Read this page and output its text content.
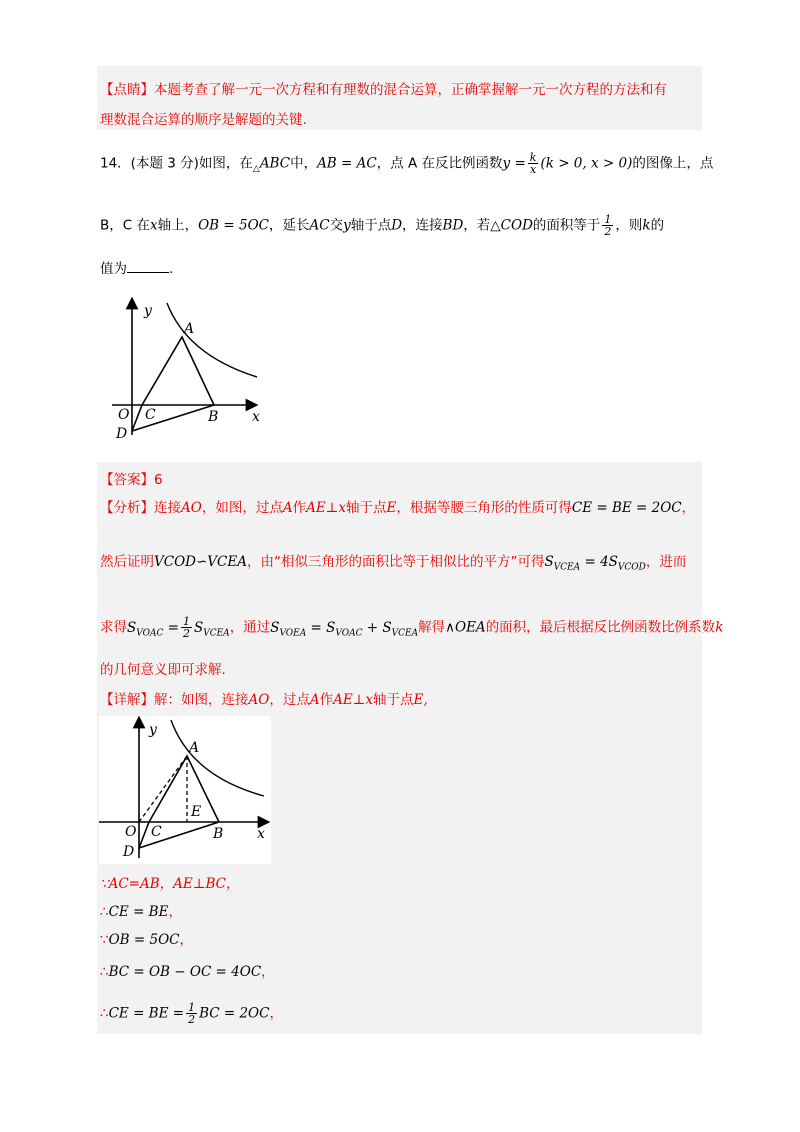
【点睛】本题考查了解一元一次方程和有理数的混合运算，正确掌握解一元一次方程的方法和有
理数混合运算的顺序是解题的关键.
14．(本题 3 分)如图，在$_\triangle$ABC中，AB = AC，点 A 在反比例函数$y = \frac{k}{x} (k > 0$, x > 0)的图像上，点
B，C 在x轴上，OB = 5OC，延长AC交y轴于点D，连接BD，若△COD的面积等于 $\frac{1}{2}$ ，则k的
值为	.
y
A
O C	B x
D
【答案】6
【分析】连接AO，如图，过点A作AE⊥x轴于点E，根据等腰三角形的性质可得CE = BE = 2OC，
然后证明VCOD∽VCEA，由“相似三角形的面积比等于相似比的平方”可得$S_{VCEA} = 4S_{VCOD}$，进而
求得$S_{VOAC} = \frac{1}{2} S_{VCEA}$，通过$S_{VOEA} = S_{VOAC} + S_{VCEA}$解得∧OEA的面积，最后根据反比例函数比例系数k
的几何意义即可求解.
【详解】解：如图，连接AO，过点A作AE⊥x轴于点E,
y
A
E
O C	B x
D
∵AC=AB，AE⊥BC，
∴CE = BE，
∵OB = 5OC，
∴BC = OB − OC = 4OC，
∴CE = BE = $\frac{1}{2}$ BC = 2OC，
